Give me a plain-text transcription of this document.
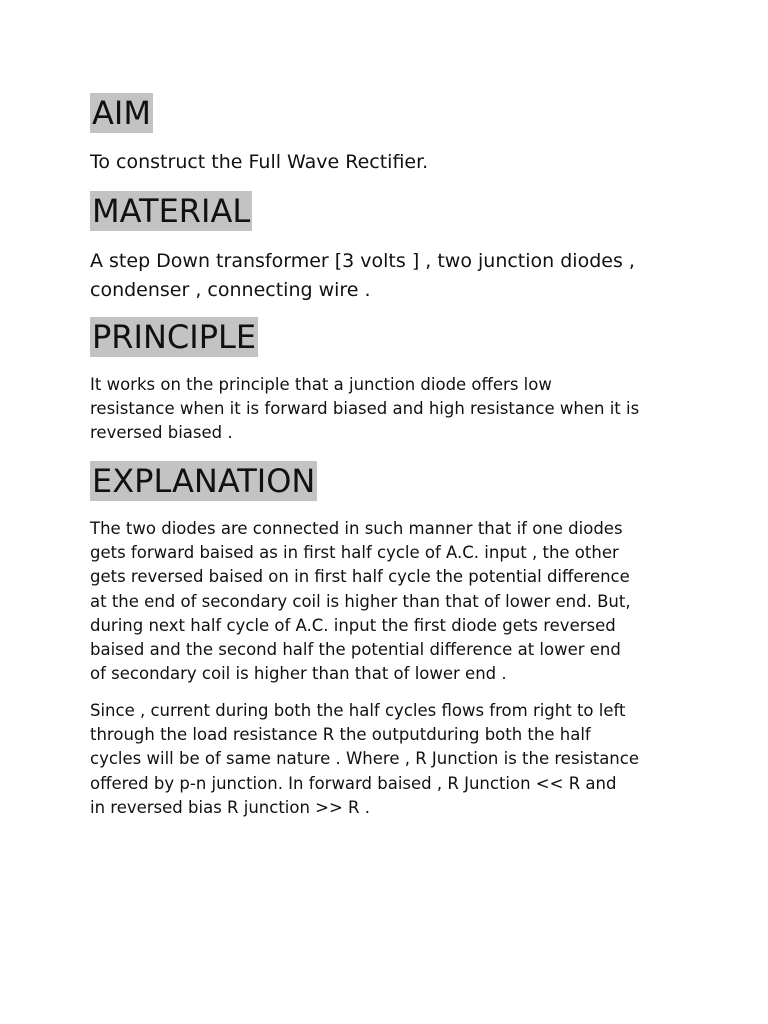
AIM

To construct the Full Wave Rectifier.

MATERIAL

A step Down transformer [3 volts ] , two junction diodes ,
condenser , connecting wire .

PRINCIPLE

It works on the principle that a junction diode offers low
resistance when it is forward biased and high resistance when it is
reversed biased .

EXPLANATION

The two diodes are connected in such manner that if one diodes
gets forward baised as in first half cycle of A.C. input , the other
gets reversed baised on in first half cycle the potential difference
at the end of secondary coil is higher than that of lower end. But,
during next half cycle of A.C. input the first diode gets reversed
baised and the second half the potential difference at lower end
of secondary coil is higher than that of lower end .

Since , current during both the half cycles flows from right to left
through the load resistance R the outputduring both the half
cycles will be of same nature . Where , R Junction is the resistance
offered by p-n junction. In forward baised , R Junction << R and
in reversed bias R junction >> R .
